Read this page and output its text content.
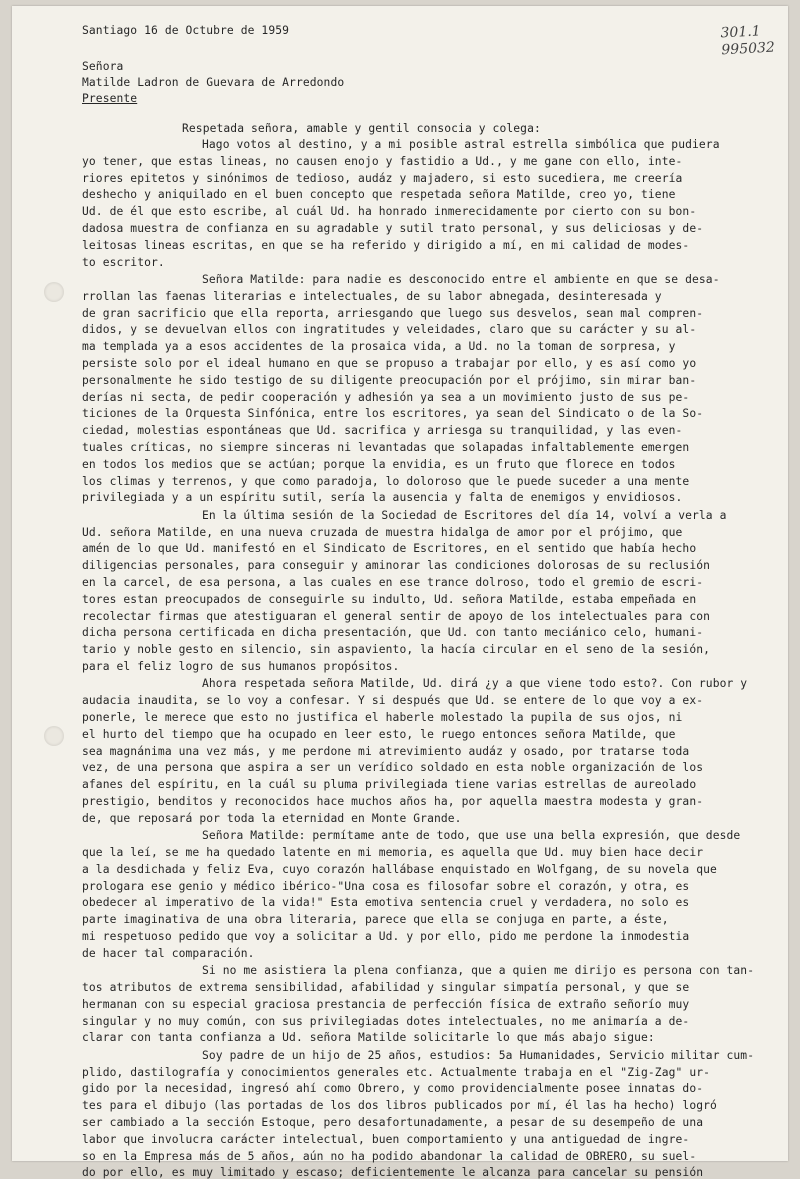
301.1
995032

Santiago 16 de Octubre de 1959

Señora

Matilde Ladron de Guevara de Arredondo

Presente

Respetada señora, amable y gentil consocia y colega:

Hago votos al destino, y a mi posible astral estrella simbólica que pudiera

yo tener, que estas lineas, no causen enojo y fastidio a Ud., y me gane con ello, inte-

riores epitetos y sinónimos de tedioso, audáz y majadero, si esto sucediera, me creería

deshecho y aniquilado en el buen concepto que respetada señora Matilde, creo yo, tiene

Ud. de él que esto escribe, al cuál Ud. ha honrado inmerecidamente por cierto con su bon-

dadosa muestra de confianza en su agradable y sutil trato personal, y sus deliciosas y de-

leitosas lineas escritas, en que se ha referido y dirigido a mí, en mi calidad de modes-

to escritor.

Señora Matilde: para nadie es desconocido entre el ambiente en que se desa-

rrollan las faenas literarias e intelectuales, de su labor abnegada, desinteresada y

de gran sacrificio que ella reporta, arriesgando que luego sus desvelos, sean mal compren-

didos, y se devuelvan ellos con ingratitudes y veleidades, claro que su carácter y su al-

ma templada ya a esos accidentes de la prosaica vida, a Ud. no la toman de sorpresa, y

persiste solo por el ideal humano en que se propuso a trabajar por ello, y es así como yo

personalmente he sido testigo de su diligente preocupación por el prójimo, sin mirar ban-

derías ni secta, de pedir cooperación y adhesión ya sea a un movimiento justo de sus pe-

ticiones de la Orquesta Sinfónica, entre los escritores, ya sean del Sindicato o de la So-

ciedad, molestias espontáneas que Ud. sacrifica y arriesga su tranquilidad, y las even-

tuales críticas, no siempre sinceras ni levantadas que solapadas infaltablemente emergen

en todos los medios que se actúan; porque la envidia, es un fruto que florece en todos

los climas y terrenos, y que como paradoja, lo doloroso que le puede suceder a una mente

privilegiada y a un espíritu sutil, sería la ausencia y falta de enemigos y envidiosos.

En la última sesión de la Sociedad de Escritores del día 14, volví a verla a

Ud. señora Matilde, en una nueva cruzada de muestra hidalga de amor por el prójimo, que

amén de lo que Ud. manifestó en el Sindicato de Escritores, en el sentido que había hecho

diligencias personales, para conseguir y aminorar las condiciones dolorosas de su reclusión

en la carcel, de esa persona, a las cuales en ese trance dolroso, todo el gremio de escri-

tores estan preocupados de conseguirle su indulto, Ud. señora Matilde, estaba empeñada en

recolectar firmas que atestiguaran el general sentir de apoyo de los intelectuales para con

dicha persona certificada en dicha presentación, que Ud. con tanto meciánico celo, humani-

tario y noble gesto en silencio, sin aspaviento, la hacía circular en el seno de la sesión,

para el feliz logro de sus humanos propósitos.

Ahora respetada señora Matilde, Ud. dirá ¿y a que viene todo esto?. Con rubor y

audacia inaudita, se lo voy a confesar. Y si después que Ud. se entere de lo que voy a ex-

ponerle, le merece que esto no justifica el haberle molestado la pupila de sus ojos, ni

el hurto del tiempo que ha ocupado en leer esto, le ruego entonces señora Matilde, que

sea magnánima una vez más, y me perdone mi atrevimiento audáz y osado, por tratarse toda

vez, de una persona que aspira a ser un verídico soldado en esta noble organización de los

afanes del espíritu, en la cuál su pluma privilegiada tiene varias estrellas de aureolado

prestigio, benditos y reconocidos hace muchos años ha, por aquella maestra modesta y gran-

de, que reposará por toda la eternidad en Monte Grande.

Señora Matilde: permítame ante de todo, que use una bella expresión, que desde

que la leí, se me ha quedado latente en mi memoria, es aquella que Ud. muy bien hace decir

a la desdichada y feliz Eva, cuyo corazón hallábase enquistado en Wolfgang, de su novela que

prologara ese genio y médico ibérico-"Una cosa es filosofar sobre el corazón, y otra, es

obedecer al imperativo de la vida!" Esta emotiva sentencia cruel y verdadera, no solo es

parte imaginativa de una obra literaria, parece que ella se conjuga en parte, a éste,

mi respetuoso pedido que voy a solicitar a Ud. y por ello, pido me perdone la inmodestia

de hacer tal comparación.

Si no me asistiera la plena confianza, que a quien me dirijo es persona con tan-

tos atributos de extrema sensibilidad, afabilidad y singular simpatía personal, y que se

hermanan con su especial graciosa prestancia de perfección física de extraño señorío muy

singular y no muy común, con sus privilegiadas dotes intelectuales, no me animaría a de-

clarar con tanta confianza a Ud. señora Matilde solicitarle lo que más abajo sigue:

Soy padre de un hijo de 25 años, estudios: 5a Humanidades, Servicio militar cum-

plido, dastilografía y conocimientos generales etc. Actualmente trabaja en el "Zig-Zag" ur-

gido por la necesidad, ingresó ahí como Obrero, y como providencialmente posee innatas do-

tes para el dibujo (las portadas de los dos libros publicados por mí, él las ha hecho) logró

ser cambiado a la sección Estoque, pero desafortunadamente, a pesar de su desempeño de una

labor que involucra carácter intelectual, buen comportamiento y una antiguedad de ingre-

so en la Empresa más de 5 años, aún no ha podido abandonar la calidad de OBRERO, su suel-

do por ello, es muy limitado y escaso; deficientemente le alcanza para cancelar su pensión
